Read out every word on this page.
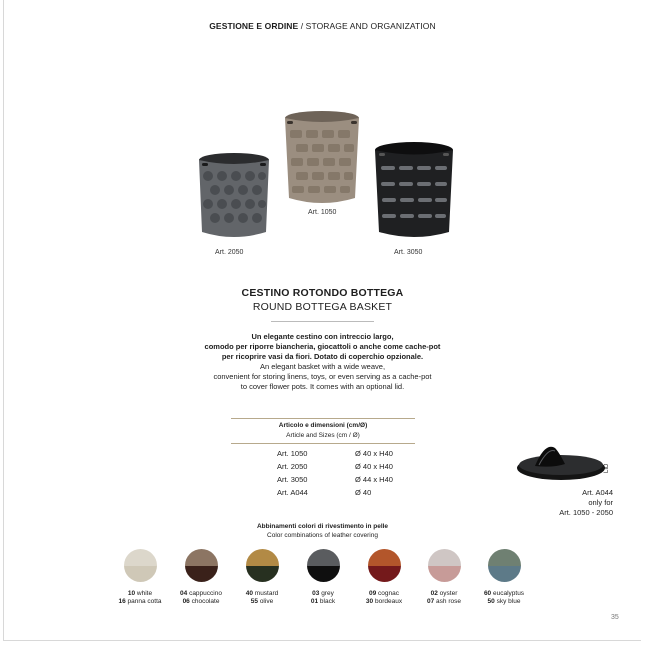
GESTIONE E ORDINE / STORAGE AND ORGANIZATION
Art. 1050
Art. 2050	Art. 3050
CESTINO ROTONDO BOTTEGA
ROUND BOTTEGA BASKET
Un elegante cestino con intreccio largo,
comodo per riporre biancheria, giocattoli o anche come cache-pot
per ricoprire vasi da fiori. Dotato di coperchio opzionale.
An elegant basket with a wide weave,
convenient for storing linens, toys, or even serving as a cache-pot
to cover flower pots. It comes with an optional lid.
Articolo e dimensioni (cm/Ø)
Article and Sizes (cm / Ø)
Art. 1050	Ø 40 x H40
Art. 2050	Ø 40 x H40
Art. 3050	Ø 44 x H40
Art. A044	Ø 40
LID
Art. A044
only for
Art. 1050 - 2050
Abbinamenti colori di rivestimento in pelle
Color combinations of leather covering
10 white
16 panna cotta
04 cappuccino
06 chocolate
40 mustard
55 olive
03 grey
01 black
09 cognac
30 bordeaux
02 oyster
07 ash rose
60 eucalyptus
50 sky blue
35
